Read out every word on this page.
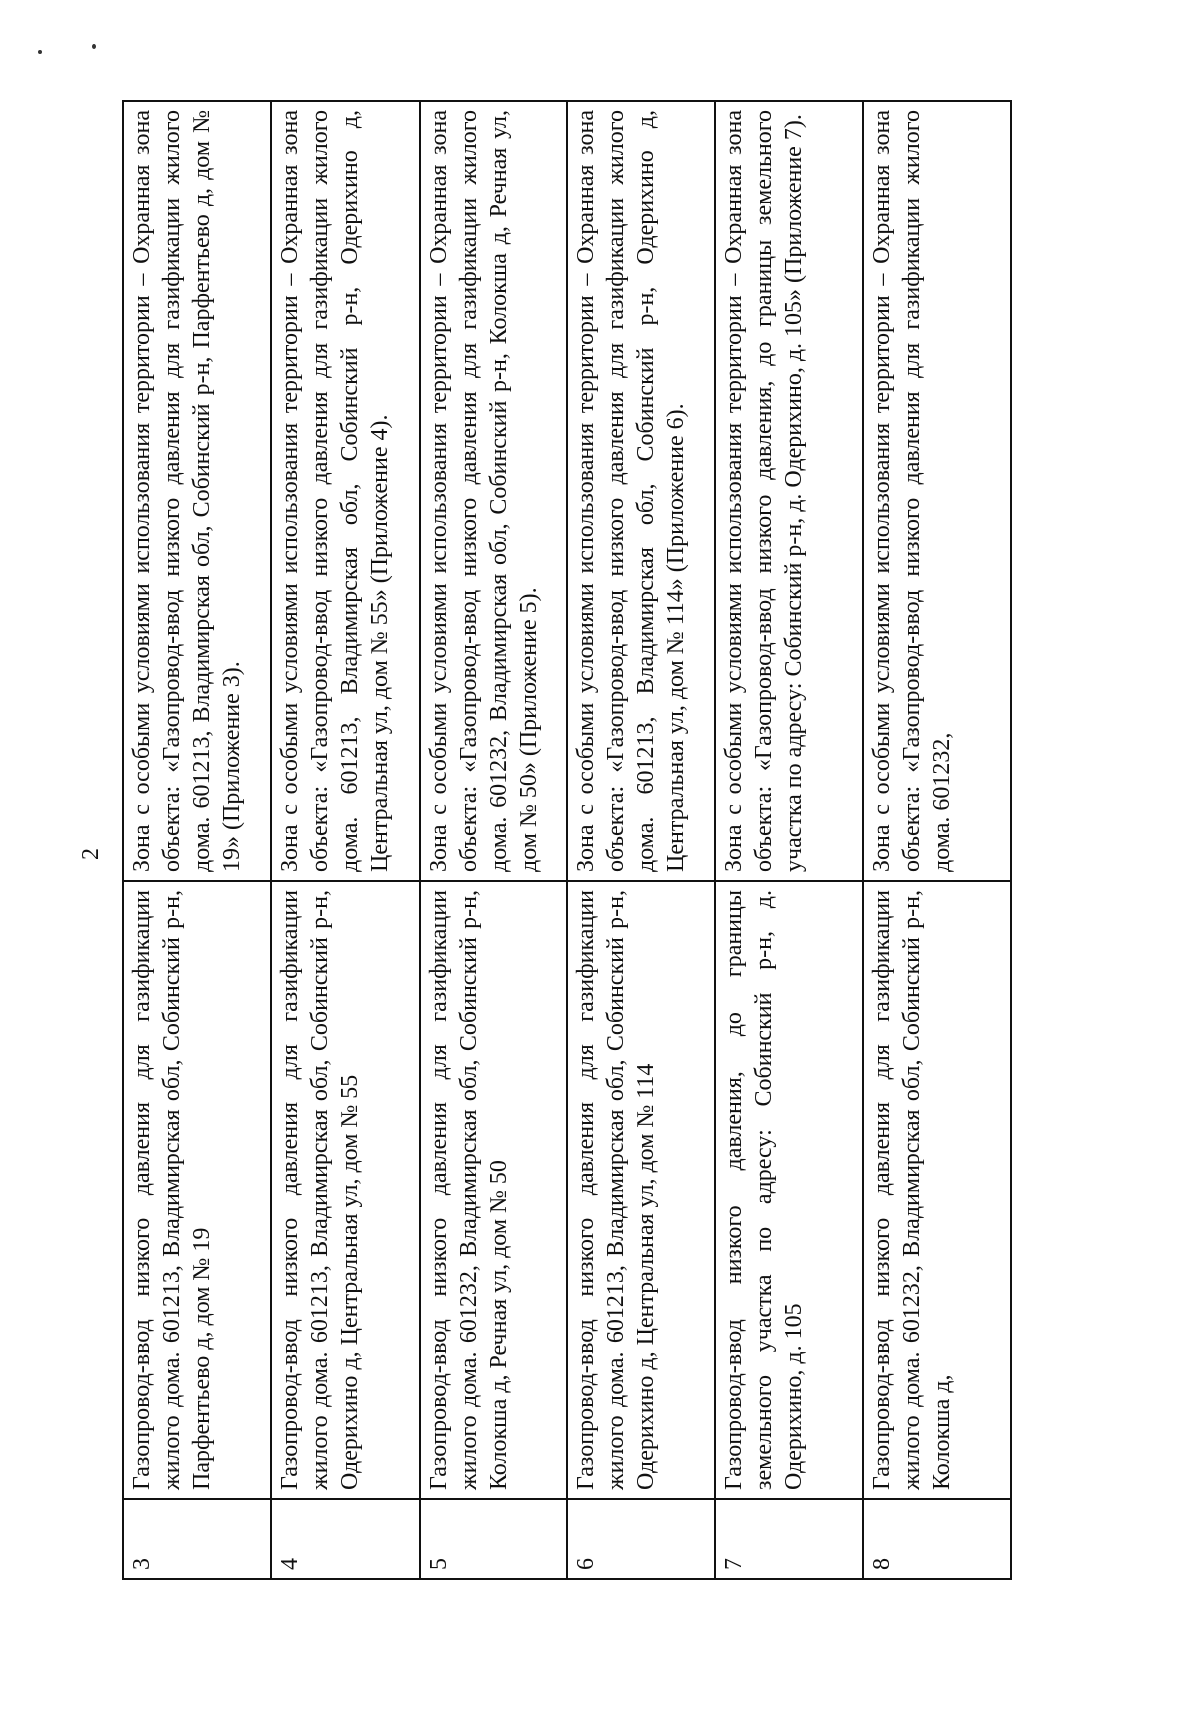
2
3	Газопровод-ввод низкого давления для газификации жилого дома. 601213, Владимирская обл, Собинский р-н, Парфентьево д, дом № 19	Зона с особыми условиями использования территории – Охранная зона объекта: «Газопровод-ввод низкого давления для газификации жилого дома. 601213, Владимирская обл, Собинский р-н, Парфентьево д, дом № 19» (Приложение 3).
4	Газопровод-ввод низкого давления для газификации жилого дома. 601213, Владимирская обл, Собинский р-н, Одерихино д, Центральная ул, дом № 55	Зона с особыми условиями использования территории – Охранная зона объекта: «Газопровод-ввод низкого давления для газификации жилого дома. 601213, Владимирская обл, Собинский р-н, Одерихино д, Центральная ул, дом № 55» (Приложение 4).
5	Газопровод-ввод низкого давления для газификации жилого дома. 601232, Владимирская обл, Собинский р-н, Колокша д, Речная ул, дом № 50	Зона с особыми условиями использования территории – Охранная зона объекта: «Газопровод-ввод низкого давления для газификации жилого дома. 601232, Владимирская обл, Собинский р-н, Колокша д, Речная ул, дом № 50» (Приложение 5).
6	Газопровод-ввод низкого давления для газификации жилого дома. 601213, Владимирская обл, Собинский р-н, Одерихино д, Центральная ул, дом № 114	Зона с особыми условиями использования территории – Охранная зона объекта: «Газопровод-ввод низкого давления для газификации жилого дома. 601213, Владимирская обл, Собинский р-н, Одерихино д, Центральная ул, дом № 114» (Приложение 6).
7	Газопровод-ввод низкого давления, до границы земельного участка по адресу: Собинский р-н, д. Одерихино, д. 105	Зона с особыми условиями использования территории – Охранная зона объекта: «Газопровод-ввод низкого давления, до границы земельного участка по адресу: Собинский р-н, д. Одерихино, д. 105» (Приложение 7).
8	Газопровод-ввод низкого давления для газификации жилого дома. 601232, Владимирская обл, Собинский р-н, Колокша д,	Зона с особыми условиями использования территории – Охранная зона объекта: «Газопровод-ввод низкого давления для газификации жилого дома. 601232,
